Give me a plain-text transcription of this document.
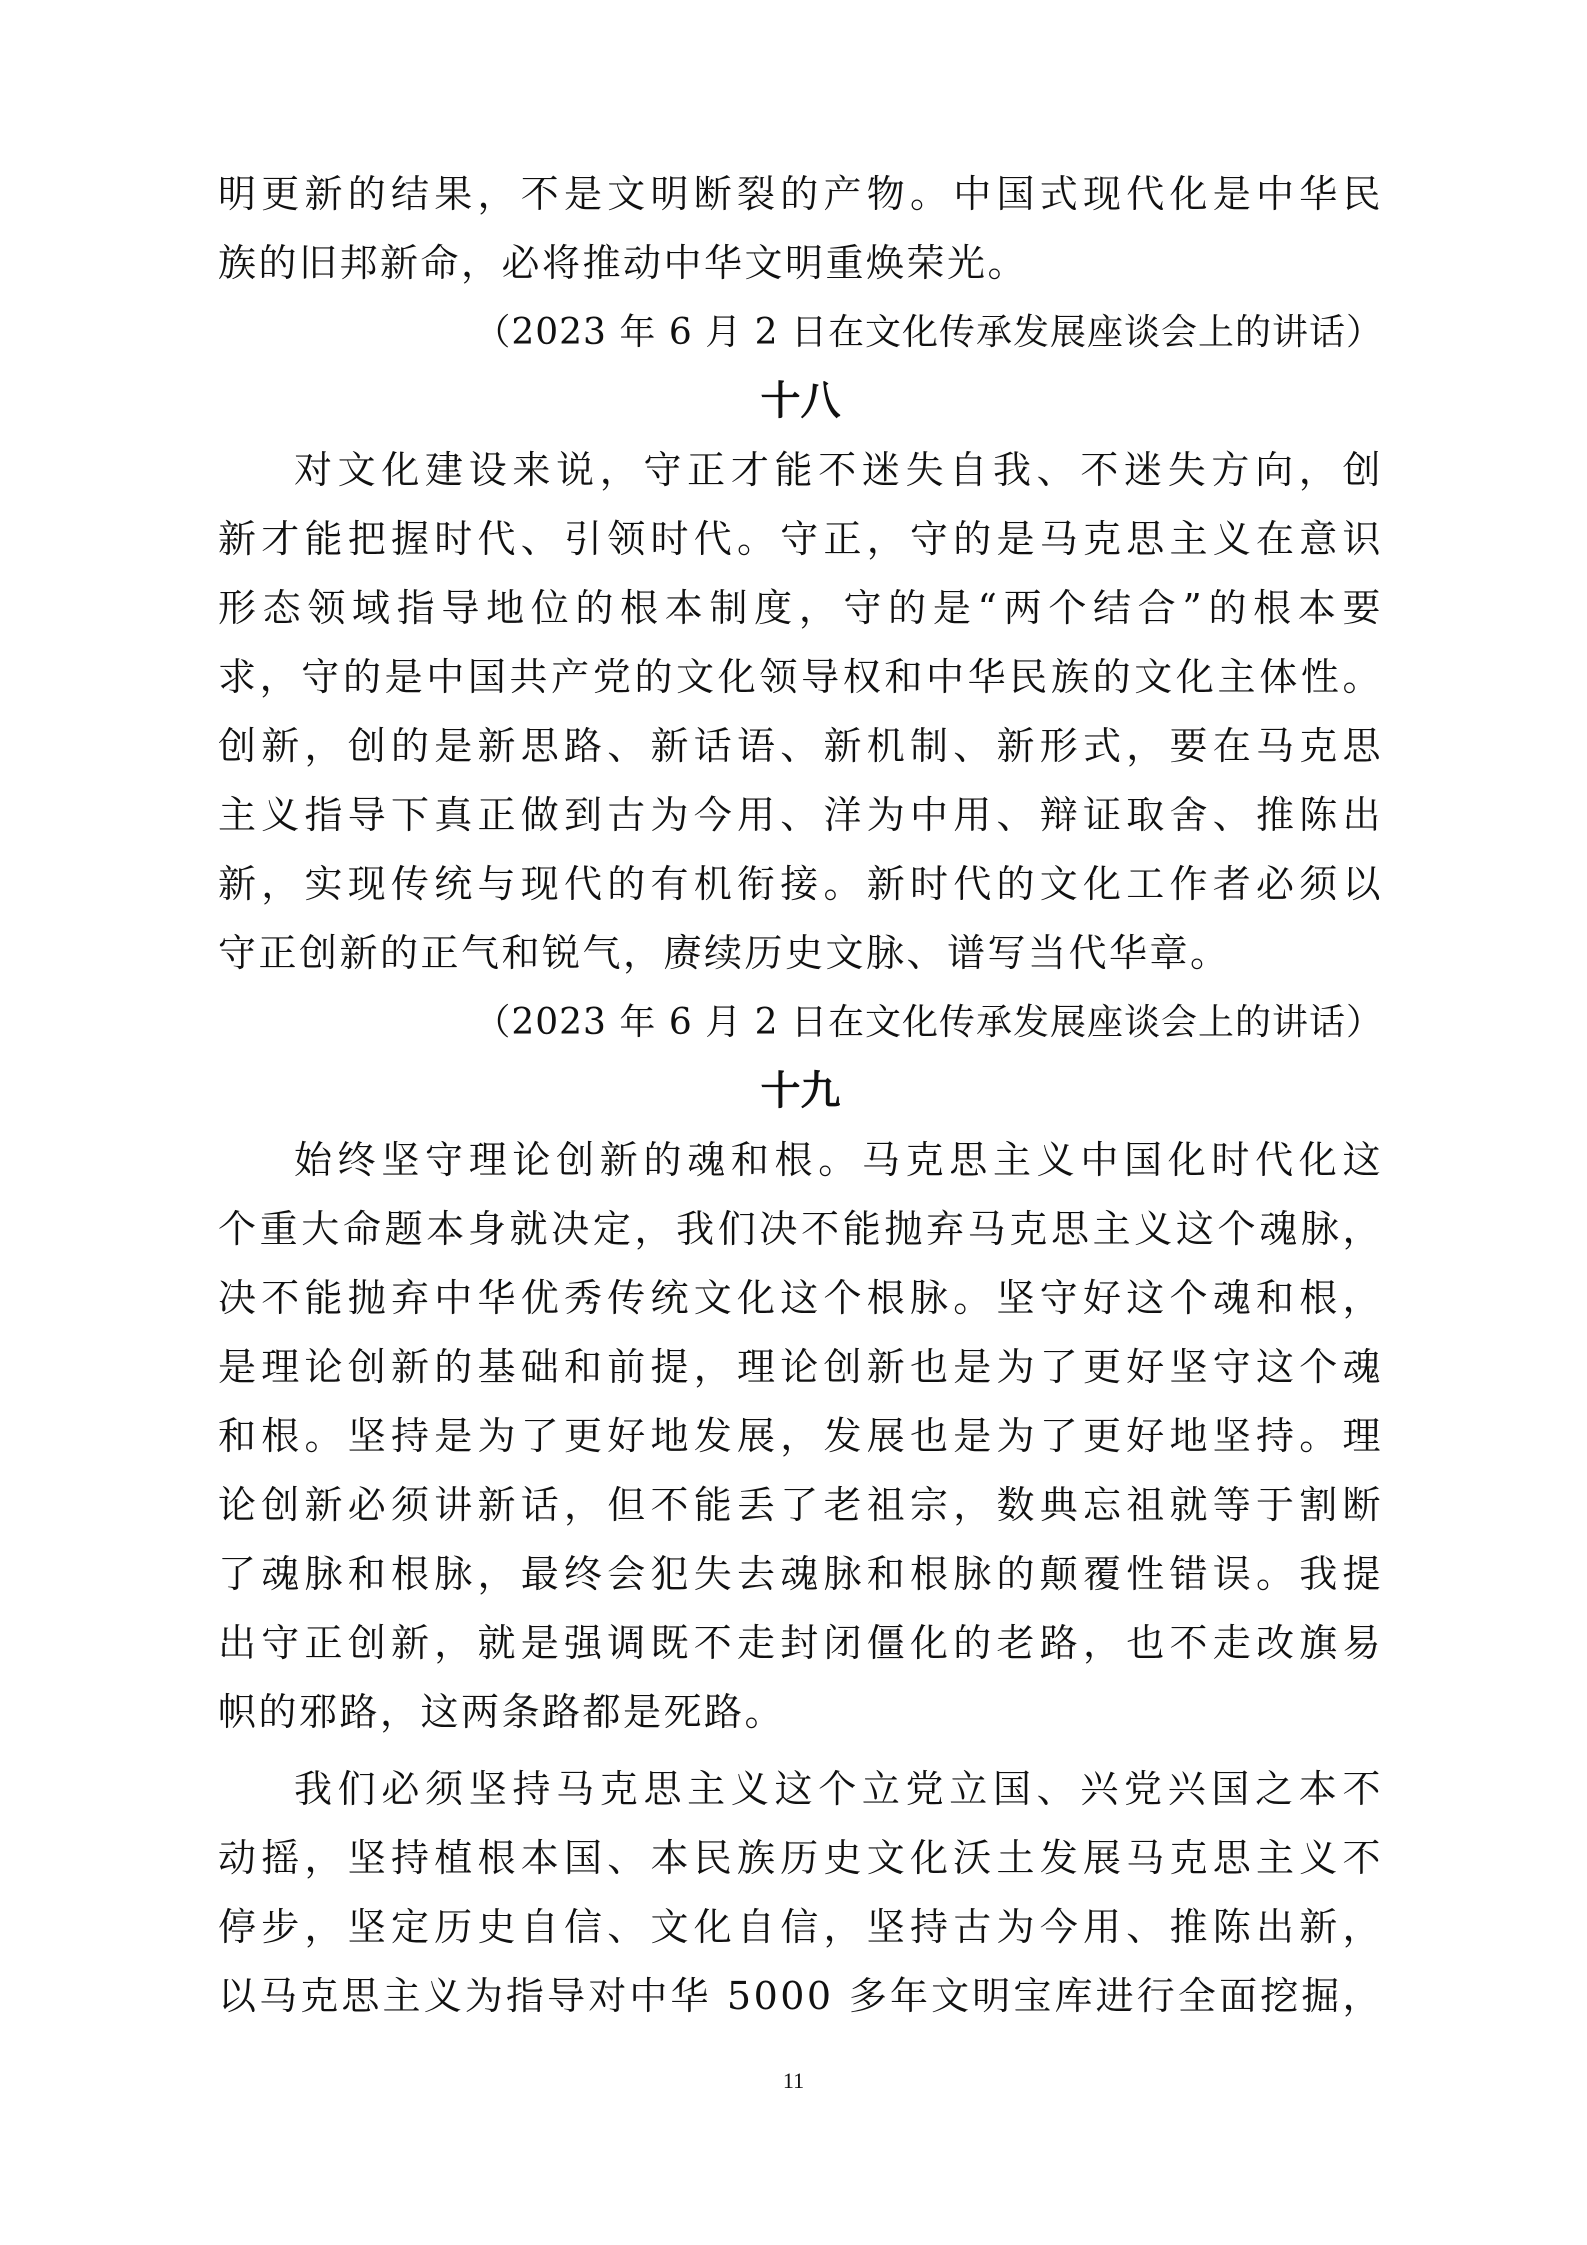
明更新的结果，不是文明断裂的产物。中国式现代化是中华民
族的旧邦新命，必将推动中华文明重焕荣光。
（2023 年 6 月 2 日在文化传承发展座谈会上的讲话）
十八
对文化建设来说，守正才能不迷失自我、不迷失方向，创
新才能把握时代、引领时代。守正，守的是马克思主义在意识
形态领域指导地位的根本制度，守的是“两个结合”的根本要
求，守的是中国共产党的文化领导权和中华民族的文化主体性。
创新，创的是新思路、新话语、新机制、新形式，要在马克思
主义指导下真正做到古为今用、洋为中用、辩证取舍、推陈出
新，实现传统与现代的有机衔接。新时代的文化工作者必须以
守正创新的正气和锐气，赓续历史文脉、谱写当代华章。
（2023 年 6 月 2 日在文化传承发展座谈会上的讲话）
十九
始终坚守理论创新的魂和根。马克思主义中国化时代化这
个重大命题本身就决定，我们决不能抛弃马克思主义这个魂脉，
决不能抛弃中华优秀传统文化这个根脉。坚守好这个魂和根，
是理论创新的基础和前提，理论创新也是为了更好坚守这个魂
和根。坚持是为了更好地发展，发展也是为了更好地坚持。理
论创新必须讲新话，但不能丢了老祖宗，数典忘祖就等于割断
了魂脉和根脉，最终会犯失去魂脉和根脉的颠覆性错误。我提
出守正创新，就是强调既不走封闭僵化的老路，也不走改旗易
帜的邪路，这两条路都是死路。
我们必须坚持马克思主义这个立党立国、兴党兴国之本不
动摇，坚持植根本国、本民族历史文化沃土发展马克思主义不
停步，坚定历史自信、文化自信，坚持古为今用、推陈出新，
以马克思主义为指导对中华 5000 多年文明宝库进行全面挖掘，
11
